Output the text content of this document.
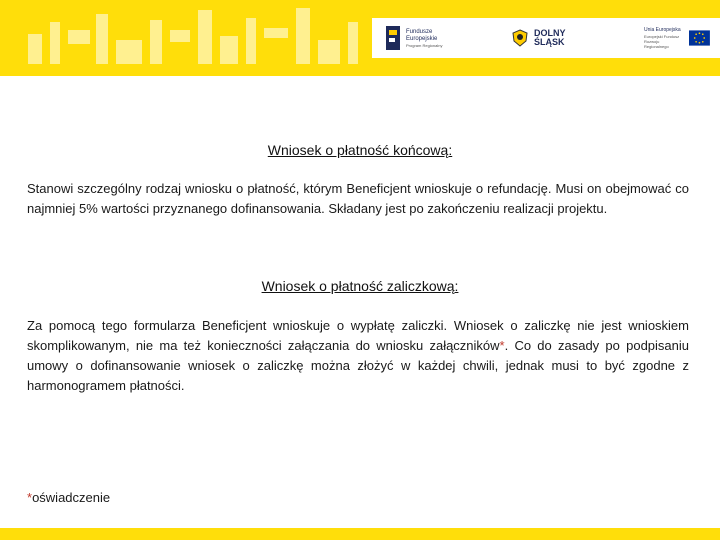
Fundusze
Europejskie
Program Regionalny
DOLNY
ŚLĄSK
Unia Europejska
Europejski Fundusz
Rozwoju Regionalnego
Wniosek o płatność końcową:
Stanowi szczególny rodzaj wniosku o płatność, którym Beneficjent wnioskuje o refundację. Musi on obejmować co najmniej 5% wartości przyznanego dofinansowania. Składany jest po zakończeniu realizacji projektu.
Wniosek o płatność zaliczkową:
Za pomocą tego formularza Beneficjent wnioskuje o wypłatę zaliczki. Wniosek o zaliczkę nie jest wnioskiem skomplikowanym, nie ma też konieczności załączania do wniosku załączników*. Co do zasady po podpisaniu umowy o dofinansowanie wniosek o zaliczkę można złożyć w każdej chwili, jednak musi to być zgodne z harmonogramem płatności.
*oświadczenie
